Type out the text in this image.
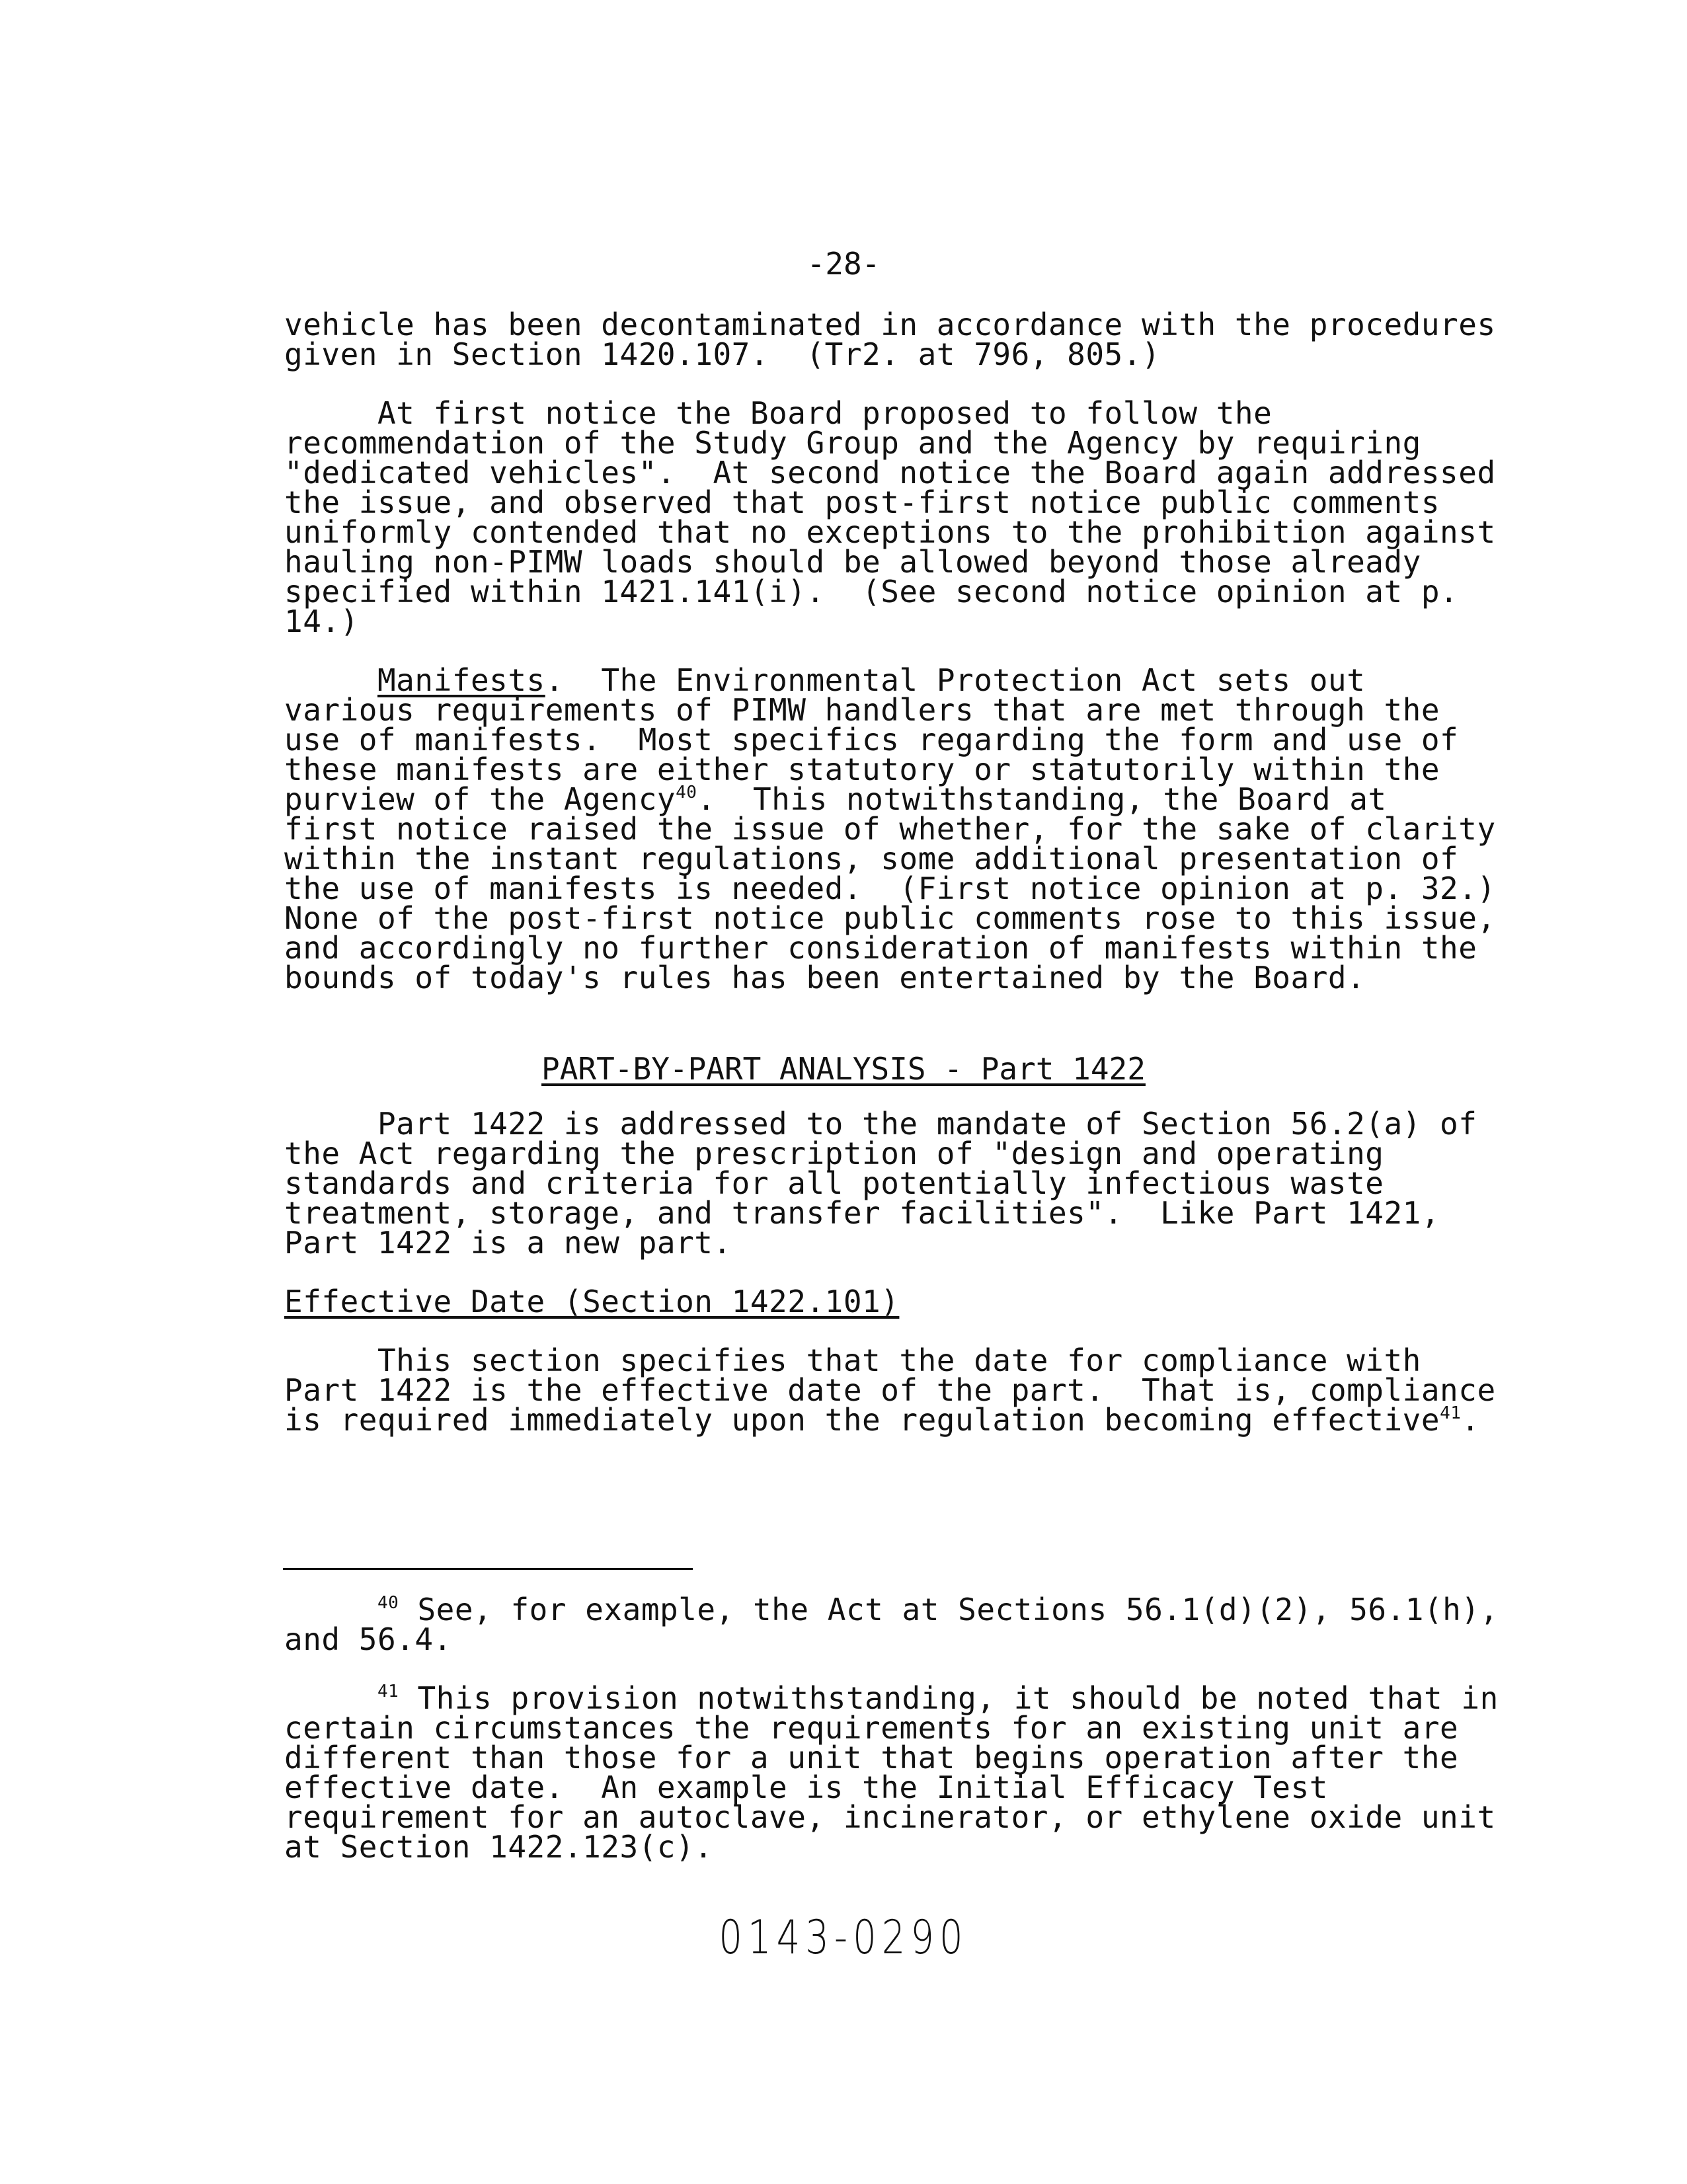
-28-
vehicle has been decontaminated in accordance with the procedures
given in Section 1420.107.  (Tr2. at 796, 805.)
At first notice the Board proposed to follow the
recommendation of the Study Group and the Agency by requiring
"dedicated vehicles".  At second notice the Board again addressed
the issue, and observed that post-first notice public comments
uniformly contended that no exceptions to the prohibition against
hauling non-PIMW loads should be allowed beyond those already
specified within 1421.141(i).  (See second notice opinion at p.
14.)
Manifests.  The Environmental Protection Act sets out
various requirements of PIMW handlers that are met through the
use of manifests.  Most specifics regarding the form and use of
these manifests are either statutory or statutorily within the
purview of the Agency$^{40}$.  This notwithstanding, the Board at
first notice raised the issue of whether, for the sake of clarity
within the instant regulations, some additional presentation of
the use of manifests is needed.  (First notice opinion at p. 32.)
None of the post-first notice public comments rose to this issue,
and accordingly no further consideration of manifests within the
bounds of today's rules has been entertained by the Board.
PART-BY-PART ANALYSIS - Part 1422
Part 1422 is addressed to the mandate of Section 56.2(a) of
the Act regarding the prescription of "design and operating
standards and criteria for all potentially infectious waste
treatment, storage, and transfer facilities".  Like Part 1421,
Part 1422 is a new part.
Effective Date (Section 1422.101)
This section specifies that the date for compliance with
Part 1422 is the effective date of the part.  That is, compliance
is required immediately upon the regulation becoming effective$^{41}$.
$^{40}$ See, for example, the Act at Sections 56.1(d)(2), 56.1(h),
and 56.4.
$^{41}$ This provision notwithstanding, it should be noted that in
certain circumstances the requirements for an existing unit are
different than those for a unit that begins operation after the
effective date.  An example is the Initial Efficacy Test
requirement for an autoclave, incinerator, or ethylene oxide unit
at Section 1422.123(c).
0143-0290
